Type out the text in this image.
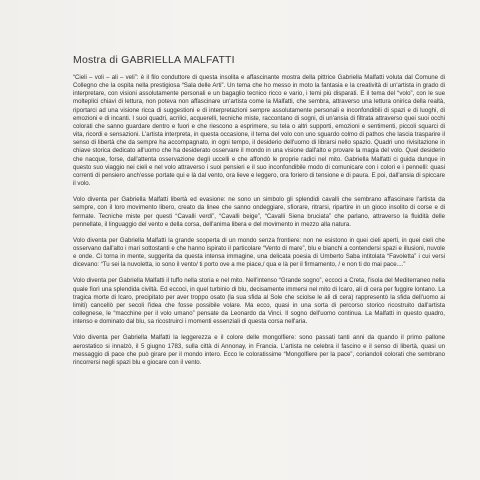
Mostra di GABRIELLA MALFATTI

“Cieli – voli – ali – veli”: è il filo conduttore di questa insolita e affascinante mostra della pittrice Gabriella Malfatti voluta dal Comune di Collegno che la ospita nella prestigiosa “Sala delle Arti”. Un tema che ho messo in moto la fantasia e la creatività di un'artista in grado di interpretare, con visioni assolutamente personali e un bagaglio tecnico ricco e vario, i temi più disparati. E il tema del “volo”, con le sue molteplici chiavi di lettura, non poteva non affascinare un'artista come la Malfatti, che sembra, attraverso una lettura onirica della realtà, riportarci ad una visione ricca di suggestioni e di interpretazioni sempre assolutamente personali e inconfondibili di spazi e di luoghi, di emozioni e di incanti. I suoi quadri, acrilici, acquerelli, tecniche miste, raccontano di sogni, di un'ansia di filtrata attraverso quei suoi occhi colorati che sanno guardare dentro e fuori e che riescono a esprimere, su tela o altri supporti, emozioni e sentimenti, piccoli squarci di vita, ricordi e sensazioni. L'artista interpreta, in questa occasione, il tema del volo con uno sguardo colmo di pathos che lascia trasparire il senso di libertà che da sempre ha accompagnato, in ogni tempo, il desiderio dell'uomo di librarsi nello spazio. Quadri uno rivisitazione in chiave storica dedicato all'uomo che ha desiderato osservare il mondo in una visione dall'alto e provare la magia del volo. Quel desiderio che nacque, forse, dall'attenta osservazione degli uccelli e che affondò le proprie radici nel mito. Gabriella Malfatti ci guida dunque in questo suo viaggio nei cieli e nel volo attraverso i suoi pensieri e il suo inconfondibile modo di comunicare con i colori e i pennelli: quasi correnti di pensiero anch'esse portate qui e là dal vento, ora lieve e leggero, ora foriero di tensione e di paura. E poi, dall'ansia di spiccare il volo.

Volo diventa per Gabriella Malfatti libertà ed evasione: ne sono un simbolo gli splendidi cavalli che sembrano affascinare l'artista da sempre, con il loro movimento libero, creato da linee che sanno ondeggiare, sfiorare, ritrarsi, ripartire in un gioco insolito di corse e di fermate. Tecniche miste per questi “Cavalli verdi”, “Cavalli beige”, “Cavalli Siena bruciata” che parlano, attraverso la fluidità delle pennellate, il linguaggio del vento e della corsa, dell'anima libera e del movimento in mezzo alla natura.

Volo diventa per Gabriella Malfatti la grande scoperta di un mondo senza frontiere: non ne esistono in quei cieli aperti, in quei cieli che osservano dall'alto i mari sottostanti e che hanno ispirato il particolare “Vento di mare”, blu e bianchi a contendersi spazi e illusioni, nuvole e onde. Ci torna in mente, suggerita da questa intensa immagine, una delicata poesia di Umberto Saba intitolata “Favoletta” i cui versi dicevano: “Tu sei la nuvoletta, io sono il vento/ ti porto ove a me piace,/ qua e là per il firmamento, / e non ti do mai pace....”

Volo diventa per Gabriella Malfatti il tuffo nella storia e nel mito. Nell'intenso “Grande sogno”, eccoci a Creta, l'isola del Mediterraneo nella quale fiorì una splendida civiltà. Ed eccoci, in quel turbinio di blu, decisamente immersi nel mito di Icaro, ali di cera per fuggire lontano. La tragica morte di Icaro, precipitato per aver troppo osato (la sua sfida al Sole che sciolse le ali di cera) rappresentò la sfida dell'uomo ai limiti) cancellò per secoli l'idea che fosse possibile volare. Ma ecco, quasi in una sorta di percorso storico ricostruito dall'artista collegnese, le “macchine per il volo umano” pensate da Leonardo da Vinci. Il sogno dell'uomo continua. La Malfatti in questo quadro, intenso e dominato dal blu, sa ricostruirci i momenti essenziali di questa corsa nell'aria.

Volo diventa per Gabriella Malfatti la leggerezza e il colore delle mongolfiere: sono passati tanti anni da quando il primo pallone aerostatico si innalzò, il 5 giugno 1783, sulla città di Annonay, in Francia. L'artista ne celebra il fascino e il senso di libertà, quasi un messaggio di pace che può girare per il mondo intero. Ecco le coloratissime “Mongolfiere per la pace”, coriandoli colorati che sembrano rincorrersi negli spazi blu e giocare con il vento.
